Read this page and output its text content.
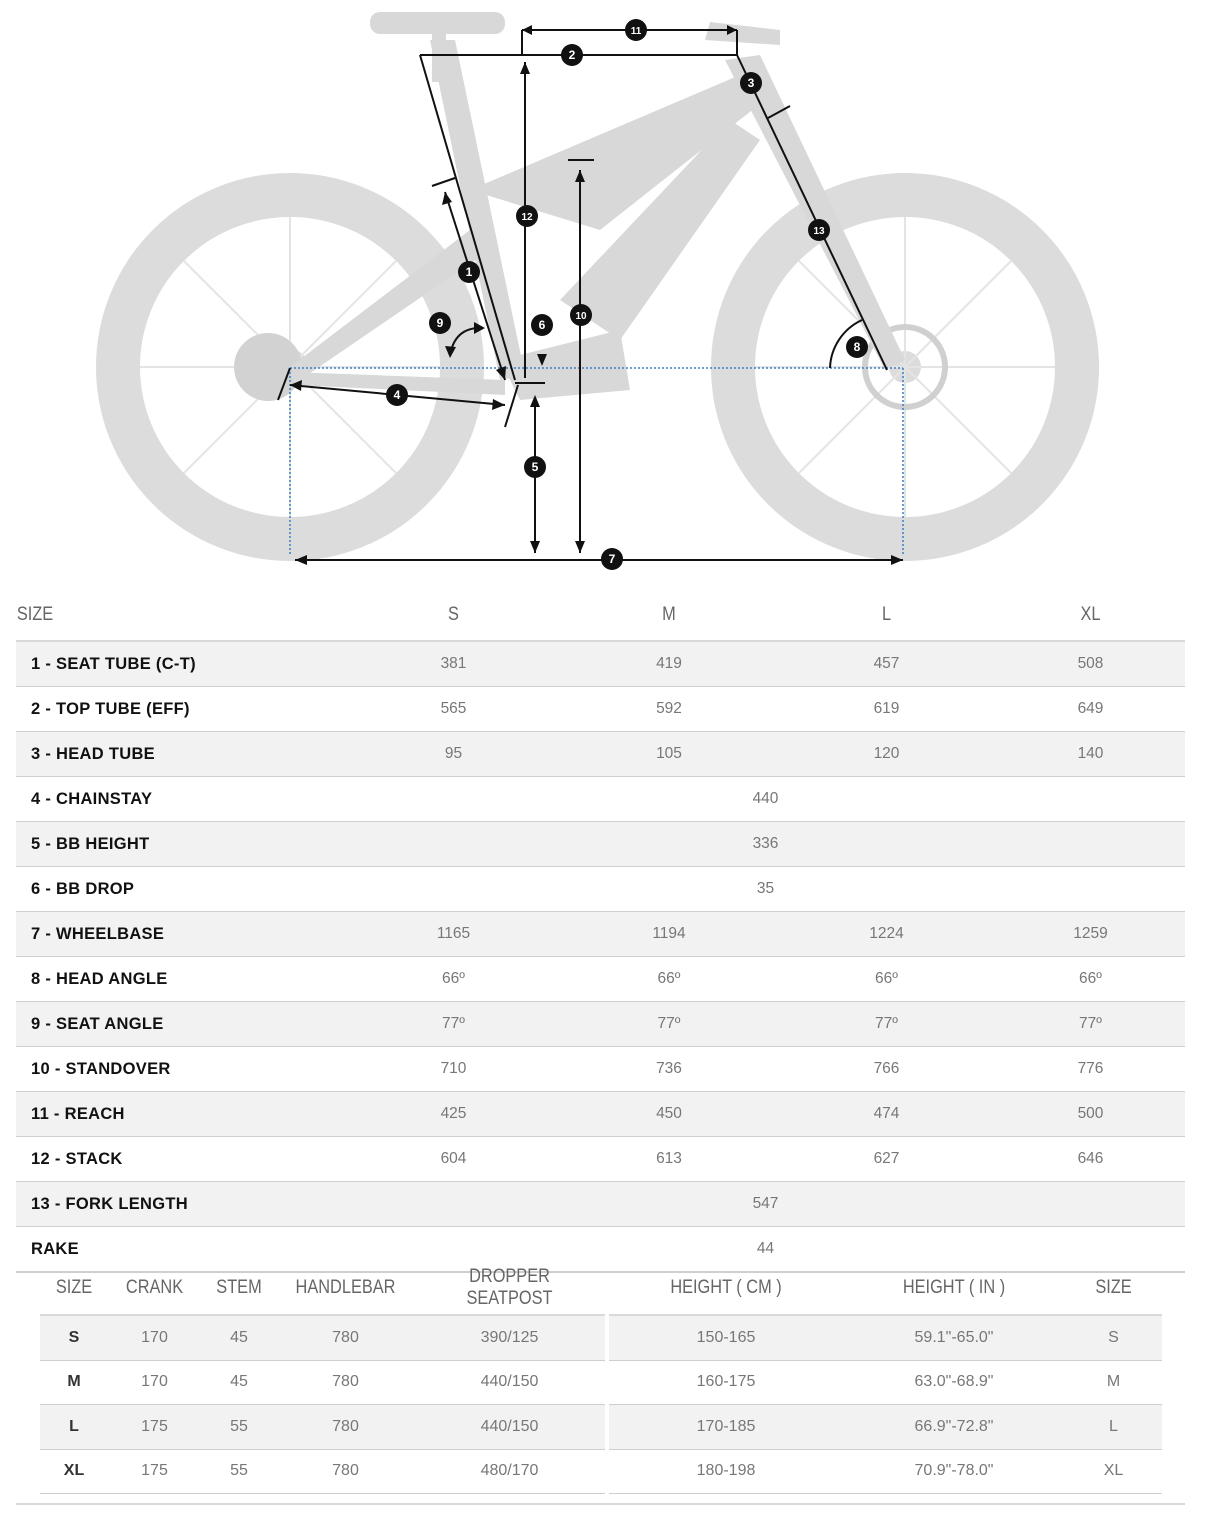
1
2
3
4
5
6
7
8
9	10
11
12
13
SIZE	S	M	L	XL
1 - SEAT TUBE (C-T)	381	419	457	508
2 - TOP TUBE (EFF)	565	592	619	649
3 - HEAD TUBE	95	105	120	140
4 - CHAINSTAY	440			
5 - BB HEIGHT	336			
6 - BB DROP	35			
7 - WHEELBASE	1165	1194	1224	1259
8 - HEAD ANGLE	66º	66º	66º	66º
9 - SEAT ANGLE	77º	77º	77º	77º
10 - STANDOVER	710	736	766	776
11 - REACH	425	450	474	500
12 - STACK	604	613	627	646
13 - FORK LENGTH	547			
RAKE	44			
SIZE	CRANK	STEM	HANDLEBAR	DROPPER SEATPOST
S	170	45	780	390/125
M	170	45	780	440/150
L	175	55	780	440/150
XL	175	55	780	480/170
HEIGHT ( CM )	HEIGHT ( IN )	SIZE
150-165	59.1"-65.0"	S
160-175	63.0"-68.9"	M
170-185	66.9"-72.8"	L
180-198	70.9"-78.0"	XL
